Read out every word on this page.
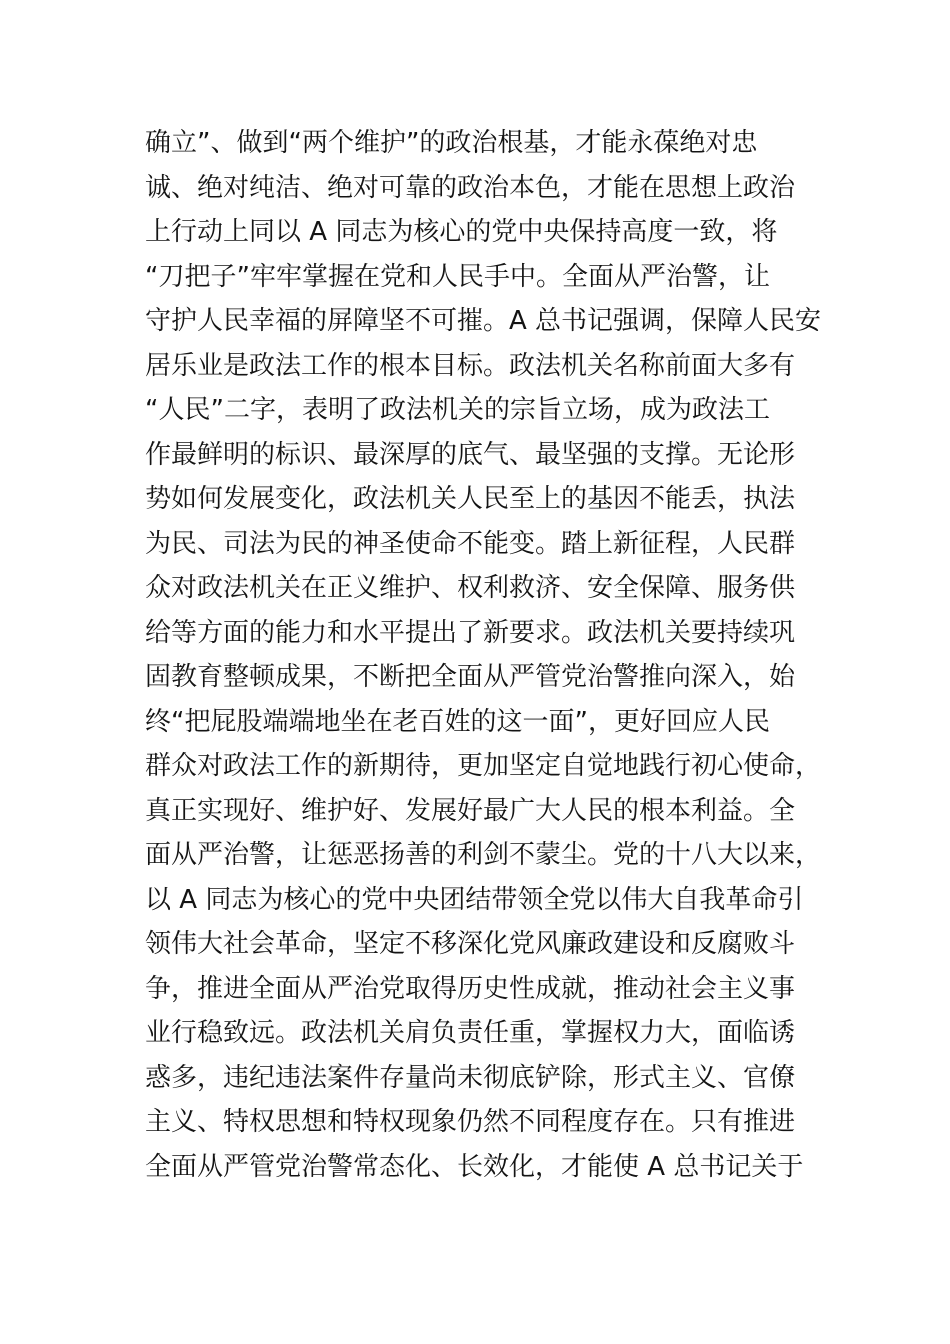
确立”、做到“两个维护”的政治根基，才能永葆绝对忠
诚、绝对纯洁、绝对可靠的政治本色，才能在思想上政治
上行动上同以 A 同志为核心的党中央保持高度一致，将
“刀把子”牢牢掌握在党和人民手中。全面从严治警，让
守护人民幸福的屏障坚不可摧。A 总书记强调，保障人民安
居乐业是政法工作的根本目标。政法机关名称前面大多有
“人民”二字，表明了政法机关的宗旨立场，成为政法工
作最鲜明的标识、最深厚的底气、最坚强的支撑。无论形
势如何发展变化，政法机关人民至上的基因不能丢，执法
为民、司法为民的神圣使命不能变。踏上新征程，人民群
众对政法机关在正义维护、权利救济、安全保障、服务供
给等方面的能力和水平提出了新要求。政法机关要持续巩
固教育整顿成果，不断把全面从严管党治警推向深入，始
终“把屁股端端地坐在老百姓的这一面”，更好回应人民
群众对政法工作的新期待，更加坚定自觉地践行初心使命，
真正实现好、维护好、发展好最广大人民的根本利益。全
面从严治警，让惩恶扬善的利剑不蒙尘。党的十八大以来，
以 A 同志为核心的党中央团结带领全党以伟大自我革命引
领伟大社会革命，坚定不移深化党风廉政建设和反腐败斗
争，推进全面从严治党取得历史性成就，推动社会主义事
业行稳致远。政法机关肩负责任重，掌握权力大，面临诱
惑多，违纪违法案件存量尚未彻底铲除，形式主义、官僚
主义、特权思想和特权现象仍然不同程度存在。只有推进
全面从严管党治警常态化、长效化，才能使 A 总书记关于
